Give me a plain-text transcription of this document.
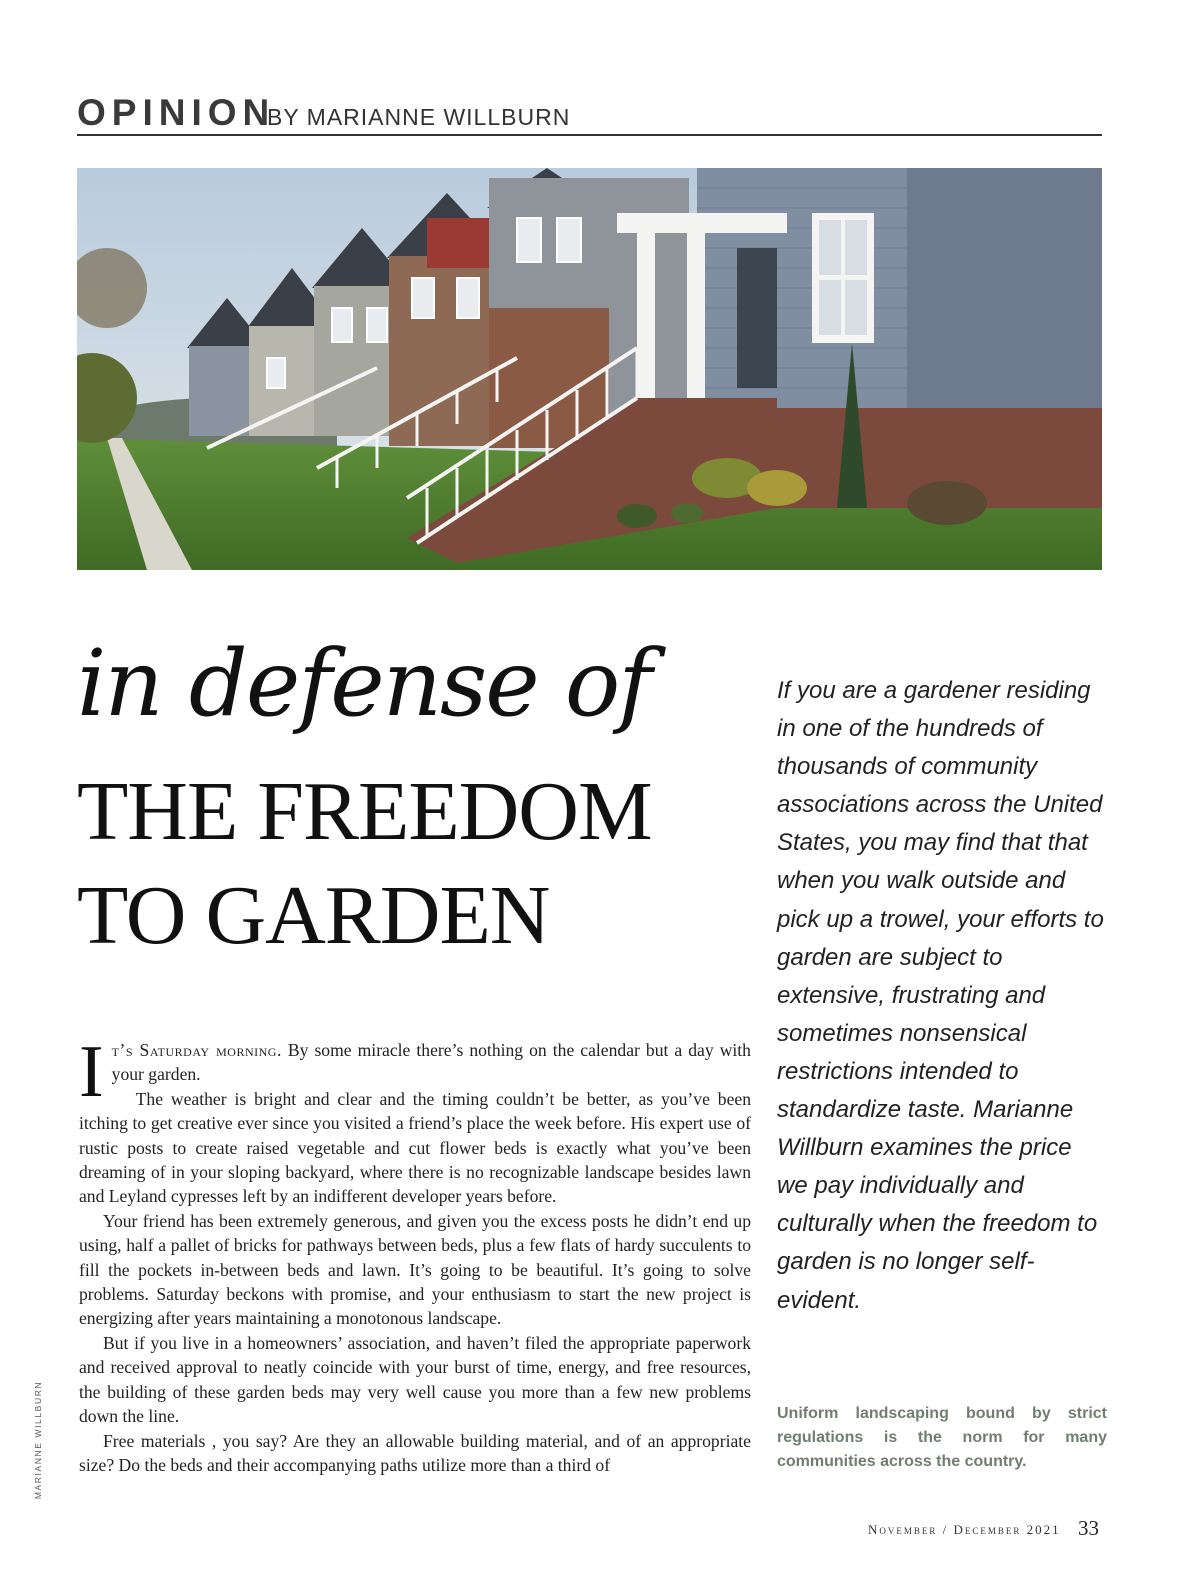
OPINION
BY MARIANNE WILLBURN
in defense of
THE FREEDOM
TO GARDEN
If you are a gardener residing in one of the hundreds of thousands of community associations across the United States, you may find that that when you walk outside and pick up a trowel, your efforts to garden are subject to extensive, frustrating and sometimes nonsensical restrictions intended to standardize taste. Marianne Willburn examines the price we pay individually and culturally when the freedom to garden is no longer self-evident.

It’s Saturday morning. By some miracle there’s nothing on the calendar but a day with your garden.

The weather is bright and clear and the timing couldn’t be better, as you’ve been itching to get creative ever since you visited a friend’s place the week before. His expert use of rustic posts to create raised vegetable and cut flower beds is exactly what you’ve been dreaming of in your sloping backyard, where there is no recognizable landscape besides lawn and Leyland cypresses left by an indifferent developer years before.

Your friend has been extremely generous, and given you the excess posts he didn’t end up using, half a pallet of bricks for pathways between beds, plus a few flats of hardy succulents to fill the pockets in-between beds and lawn. It’s going to be beautiful. It’s going to solve problems. Saturday beckons with promise, and your enthusiasm to start the new project is energizing after years maintaining a monotonous landscape.

But if you live in a homeowners’ association, and haven’t filed the appropriate paperwork and received approval to neatly coincide with your burst of time, energy, and free resources, the building of these garden beds may very well cause you more than a few new problems down the line.

Free materials , you say? Are they an allowable building material, and of an appropriate size? Do the beds and their accompanying paths utilize more than a third of

Uniform landscaping bound by strict regulations is the norm for many communities across the country.
MARIANNE WILLBURN
November / December 2021 33
